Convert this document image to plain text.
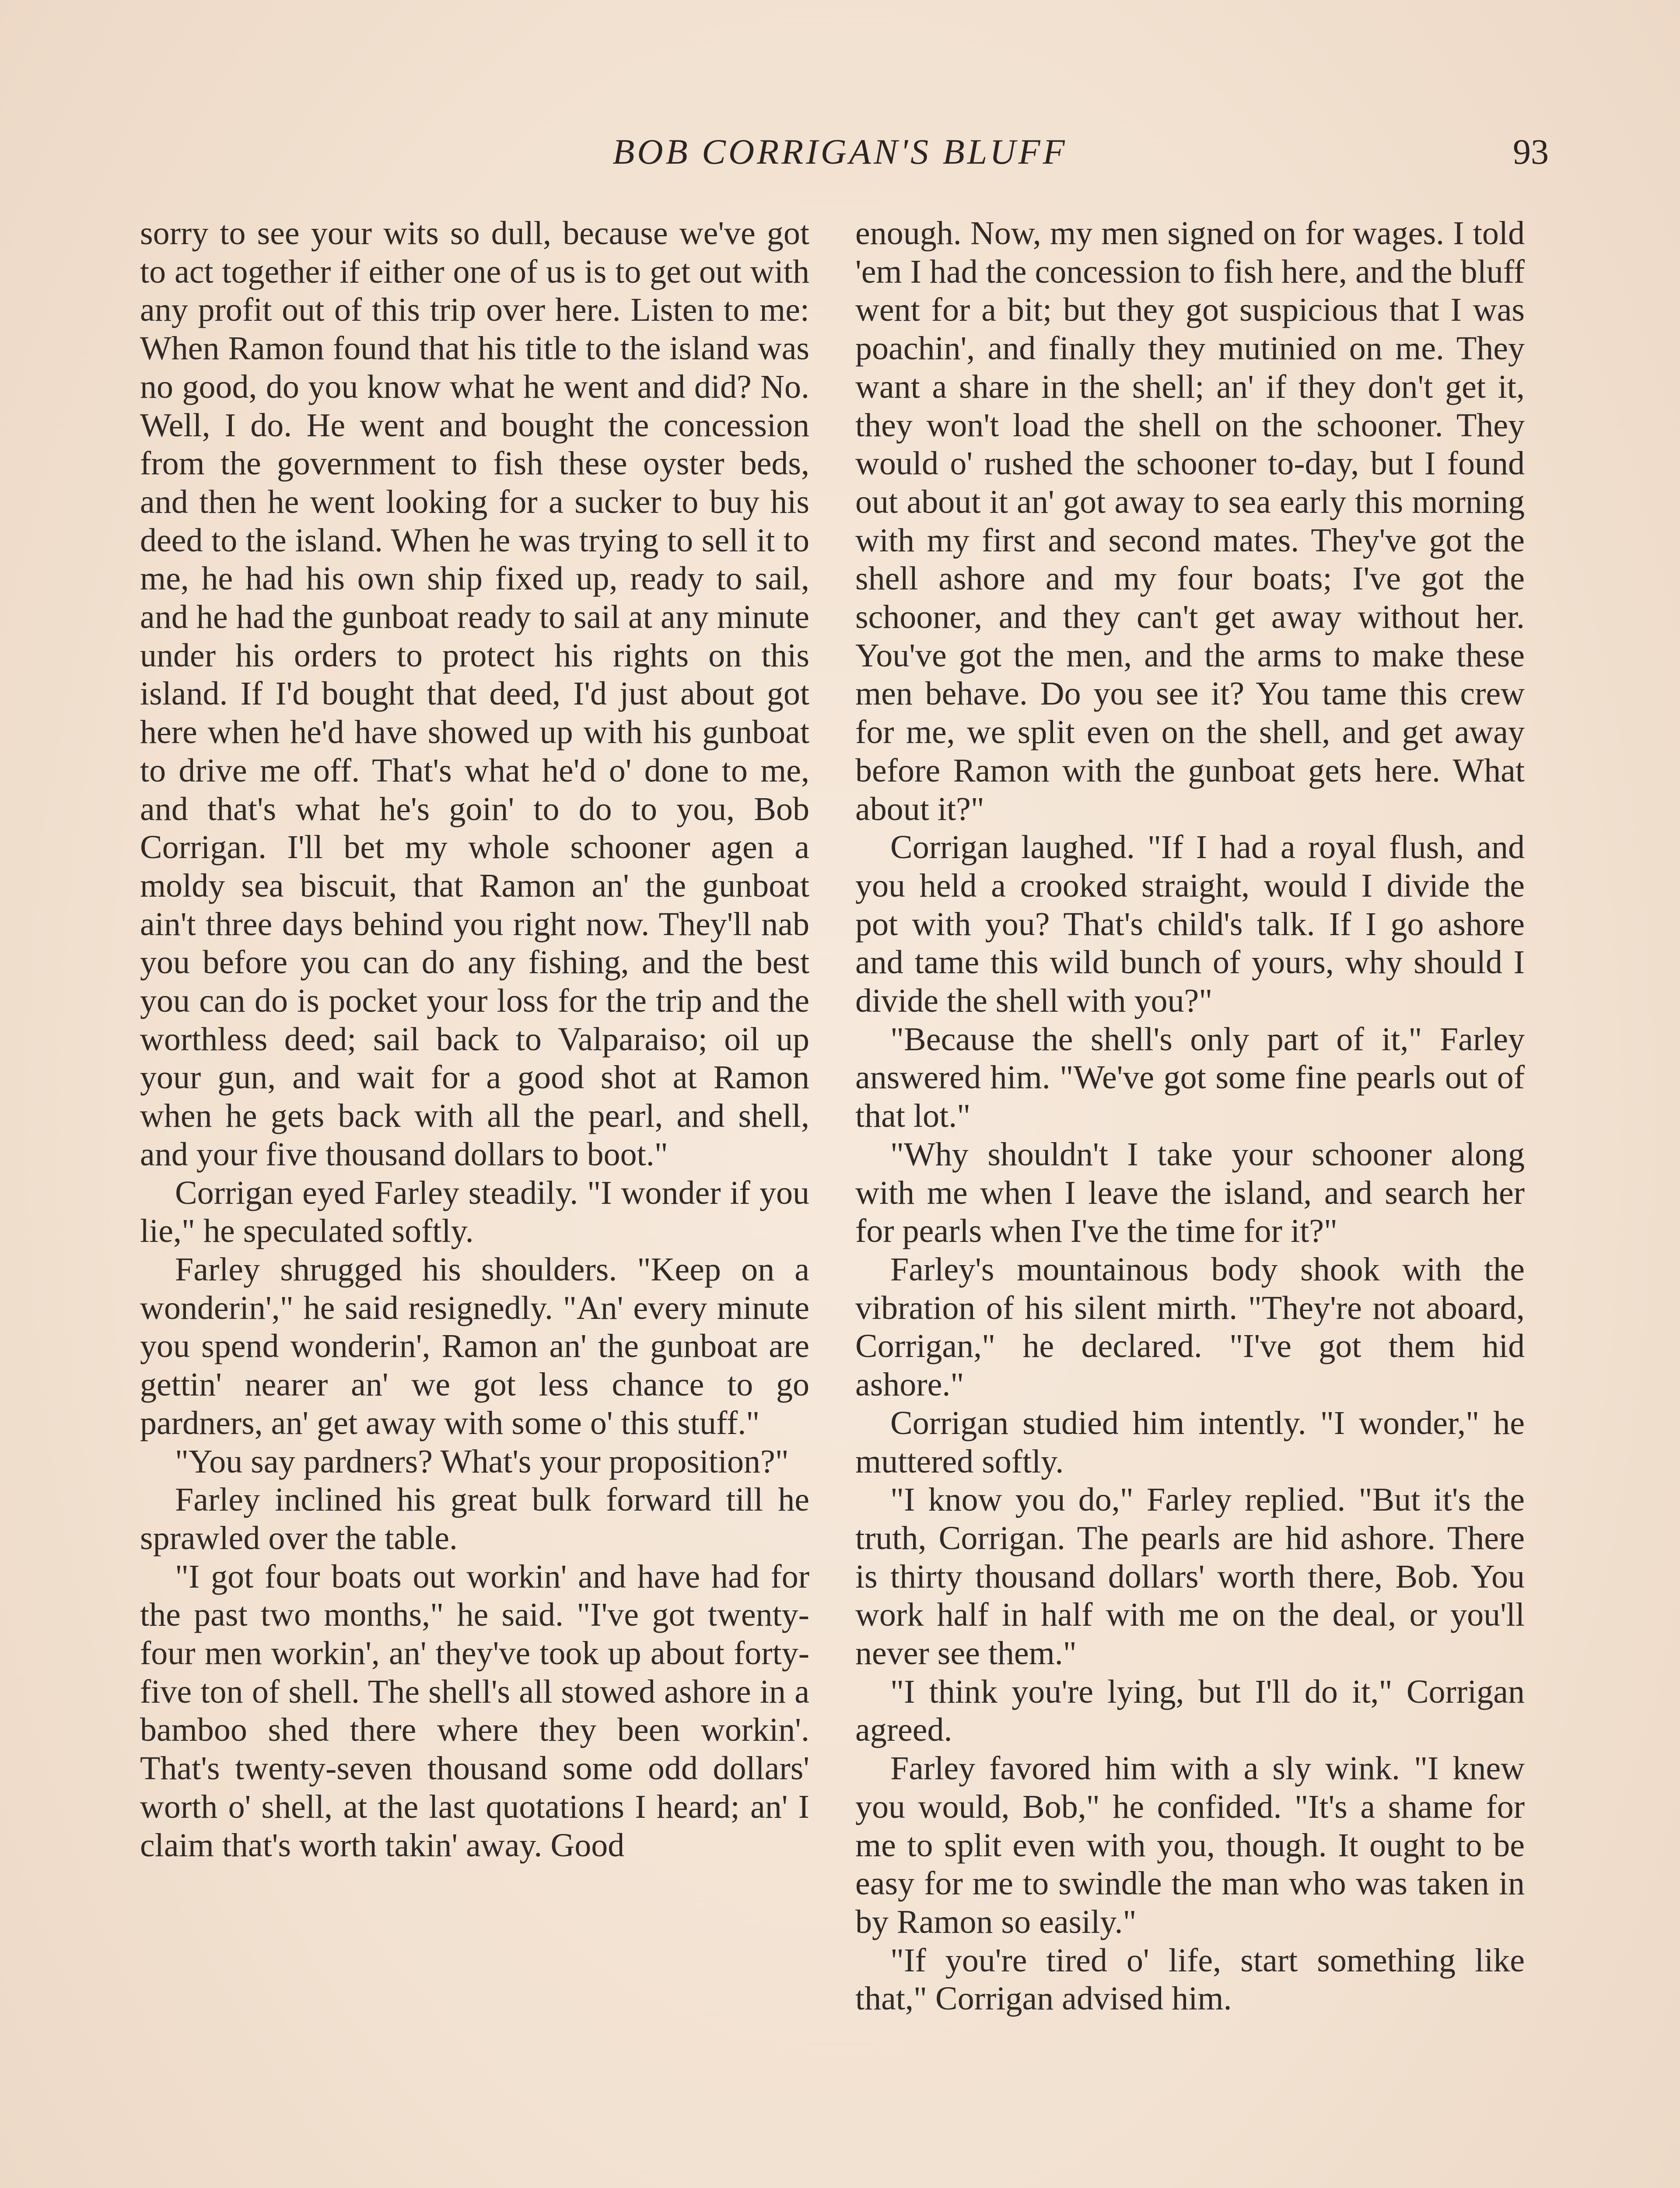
BOB CORRIGAN'S BLUFF	93

sorry to see your wits so dull, because we've got to act together if either one of us is to get out with any profit out of this trip over here. Listen to me: When Ramon found that his title to the island was no good, do you know what he went and did? No. Well, I do. He went and bought the concession from the government to fish these oyster beds, and then he went looking for a sucker to buy his deed to the island. When he was trying to sell it to me, he had his own ship fixed up, ready to sail, and he had the gunboat ready to sail at any minute under his orders to protect his rights on this island. If I'd bought that deed, I'd just about got here when he'd have showed up with his gunboat to drive me off. That's what he'd o' done to me, and that's what he's goin' to do to you, Bob Corrigan. I'll bet my whole schooner agen a moldy sea biscuit, that Ramon an' the gunboat ain't three days behind you right now. They'll nab you before you can do any fishing, and the best you can do is pocket your loss for the trip and the worthless deed; sail back to Valparaiso; oil up your gun, and wait for a good shot at Ramon when he gets back with all the pearl, and shell, and your five thousand dollars to boot."

Corrigan eyed Farley steadily. "I wonder if you lie," he speculated softly.

Farley shrugged his shoulders. "Keep on a wonderin'," he said resignedly. "An' every minute you spend wonderin', Ramon an' the gunboat are gettin' nearer an' we got less chance to go pardners, an' get away with some o' this stuff."

"You say pardners? What's your proposition?"

Farley inclined his great bulk forward till he sprawled over the table.

"I got four boats out workin' and have had for the past two months," he said. "I've got twenty-four men workin', an' they've took up about forty-five ton of shell. The shell's all stowed ashore in a bamboo shed there where they been workin'. That's twenty-seven thousand some odd dollars' worth o' shell, at the last quotations I heard; an' I claim that's worth takin' away. Good

enough. Now, my men signed on for wages. I told 'em I had the concession to fish here, and the bluff went for a bit; but they got suspicious that I was poachin', and finally they mutinied on me. They want a share in the shell; an' if they don't get it, they won't load the shell on the schooner. They would o' rushed the schooner to-day, but I found out about it an' got away to sea early this morning with my first and second mates. They've got the shell ashore and my four boats; I've got the schooner, and they can't get away without her. You've got the men, and the arms to make these men behave. Do you see it? You tame this crew for me, we split even on the shell, and get away before Ramon with the gunboat gets here. What about it?"

Corrigan laughed. "If I had a royal flush, and you held a crooked straight, would I divide the pot with you? That's child's talk. If I go ashore and tame this wild bunch of yours, why should I divide the shell with you?"

"Because the shell's only part of it," Farley answered him. "We've got some fine pearls out of that lot."

"Why shouldn't I take your schooner along with me when I leave the island, and search her for pearls when I've the time for it?"

Farley's mountainous body shook with the vibration of his silent mirth. "They're not aboard, Corrigan," he declared. "I've got them hid ashore."

Corrigan studied him intently. "I wonder," he muttered softly.

"I know you do," Farley replied. "But it's the truth, Corrigan. The pearls are hid ashore. There is thirty thousand dollars' worth there, Bob. You work half in half with me on the deal, or you'll never see them."

"I think you're lying, but I'll do it," Corrigan agreed.

Farley favored him with a sly wink. "I knew you would, Bob," he confided. "It's a shame for me to split even with you, though. It ought to be easy for me to swindle the man who was taken in by Ramon so easily."

"If you're tired o' life, start something like that," Corrigan advised him.
